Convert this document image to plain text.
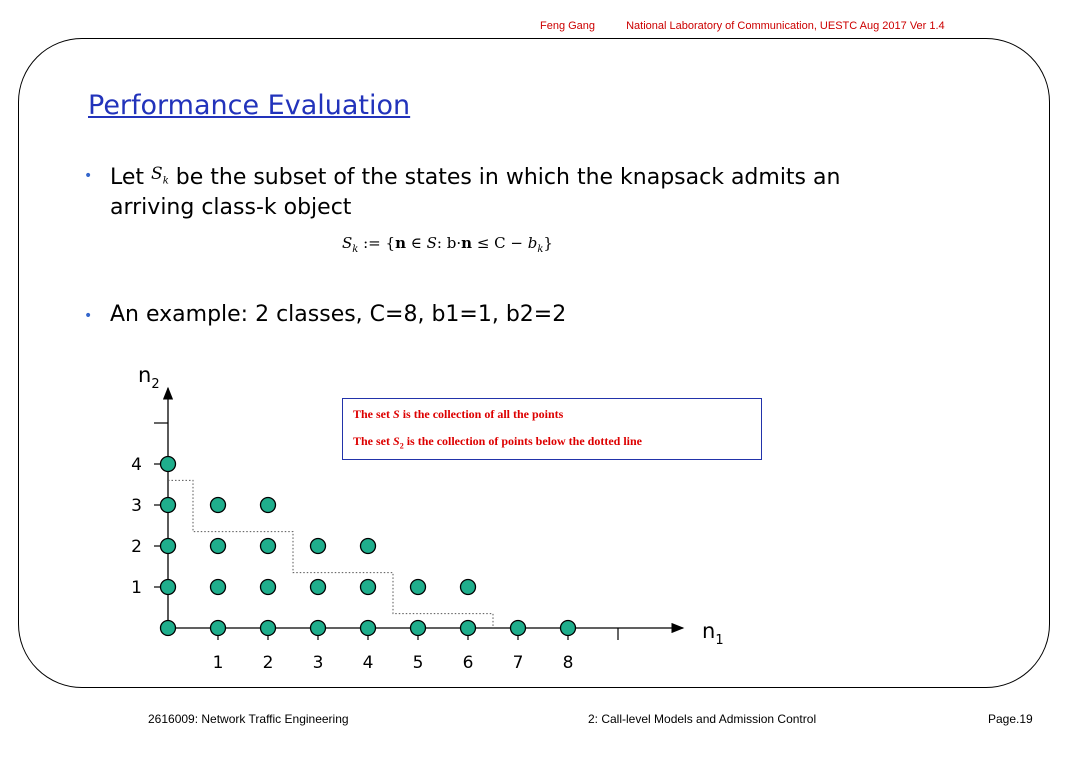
Feng Gang	National Laboratory of Communication, UESTC Aug 2017 Ver 1.4
Performance Evaluation
• Let $^{S_k}$ be the subset of the states in which the knapsack admits an
arriving class-k object
$S_k$ := {n ∈ S: $b\cdot n \le C - b_k$}
• An example: 2 classes, C=8, b1=1, b2=2
1 2 3 4 5 6 7 8
1
2
3
4
$n_1$
$n_2$
The set S is the collection of all the points
The set $S_2$ is the collection of points below the dotted line
2616009: Network Traffic Engineering	2: Call-level Models and Admission Control	Page.19
